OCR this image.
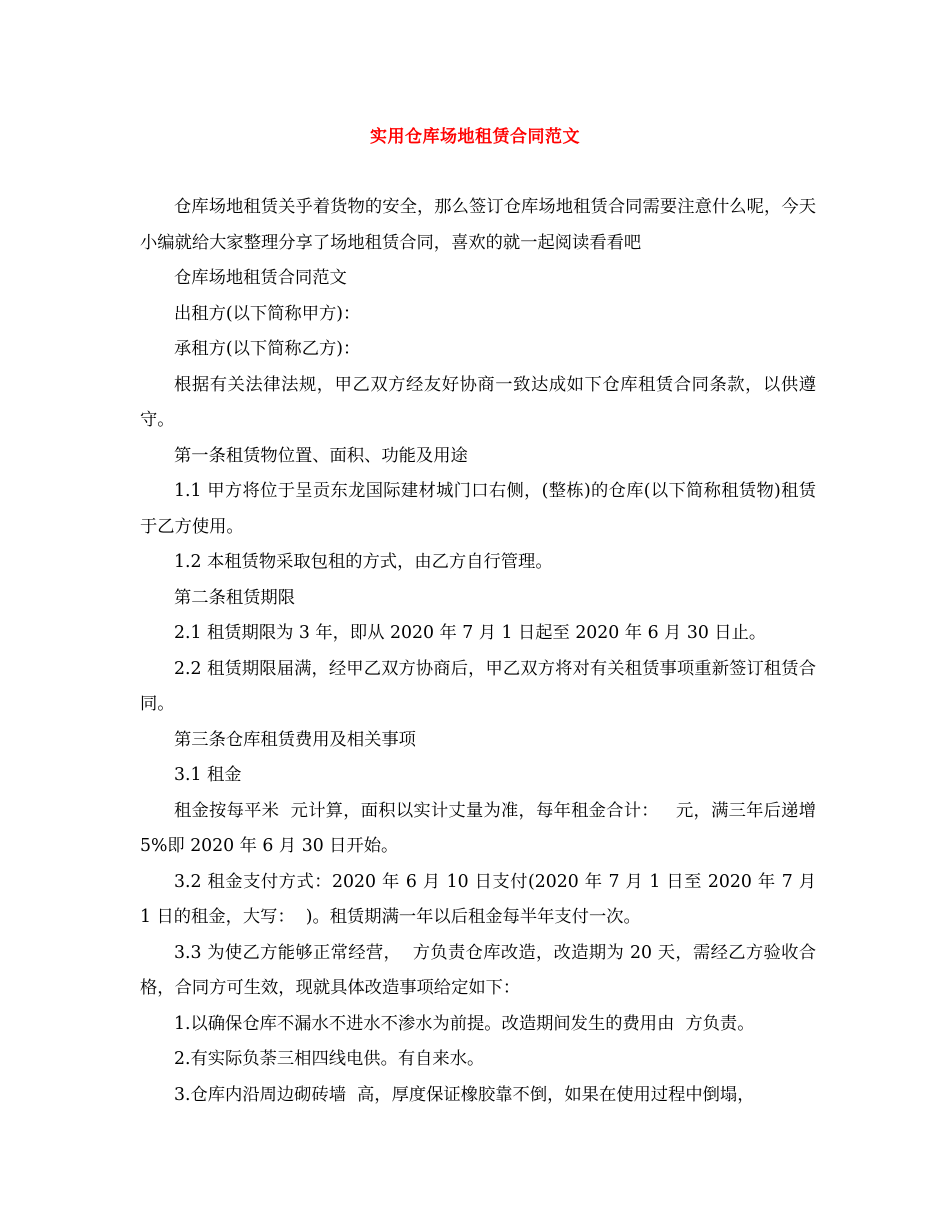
实用仓库场地租赁合同范文

仓库场地租赁关乎着货物的安全，那么签订仓库场地租赁合同需要注意什么呢，今天小编就给大家整理分享了场地租赁合同，喜欢的就一起阅读看看吧

仓库场地租赁合同范文

出租方(以下简称甲方)：

承租方(以下简称乙方)：

根据有关法律法规，甲乙双方经友好协商一致达成如下仓库租赁合同条款，以供遵守。

第一条租赁物位置、面积、功能及用途

1.1 甲方将位于呈贡东龙国际建材城门口右侧，(整栋)的仓库(以下简称租赁物)租赁于乙方使用。

1.2 本租赁物采取包租的方式，由乙方自行管理。

第二条租赁期限

2.1 租赁期限为 3 年，即从 2020 年 7 月 1 日起至 2020 年 6 月 30 日止。

2.2 租赁期限届满，经甲乙双方协商后，甲乙双方将对有关租赁事项重新签订租赁合同。

第三条仓库租赁费用及相关事项

3.1 租金

租金按每平米  元计算，面积以实计丈量为准，每年租金合计：   元，满三年后递增 5%即 2020 年 6 月 30 日开始。

3.2 租金支付方式：2020 年 6 月 10 日支付(2020 年 7 月 1 日至 2020 年 7 月 1 日的租金，大写：  )。租赁期满一年以后租金每半年支付一次。

3.3 为使乙方能够正常经营，  方负责仓库改造，改造期为 20 天，需经乙方验收合格，合同方可生效，现就具体改造事项给定如下：

1.以确保仓库不漏水不进水不渗水为前提。改造期间发生的费用由  方负责。

2.有实际负荼三相四线电供。有自来水。

3.仓库内沿周边砌砖墙  高，厚度保证橡胶靠不倒，如果在使用过程中倒塌，
